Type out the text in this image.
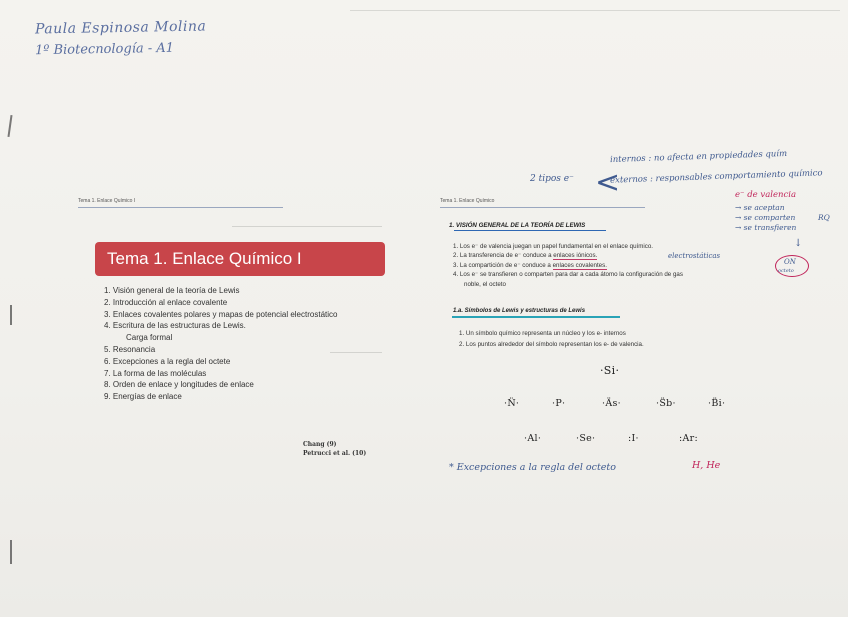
Paula Espinosa Molina
1º Biotecnología - A1
Tema 1. Enlace Químico I
Tema 1. Enlace Químico I
1. Visión general de la teoría de Lewis
2. Introducción al enlace covalente
3. Enlaces covalentes polares y mapas de potencial electrostático
4. Escritura de las estructuras de Lewis.
Carga formal
5. Resonancia
6. Excepciones a la regla del octete
7. La forma de las moléculas
8. Orden de enlace y longitudes de enlace
9. Energías de enlace
Chang (9)
Petrucci et al. (10)
Tema 1. Enlace Químico
1. VISIÓN GENERAL DE LA TEORÍA DE LEWIS
1. Los e⁻ de valencia juegan un papel fundamental en el enlace químico.
2. La transferencia de e⁻ conduce a enlaces iónicos.
3. La compartición de e⁻ conduce a enlaces covalentes.
4. Los e⁻ se transfieren o comparten para dar a cada átomo la configuración de gas
noble, el octeto
1.a. Símbolos de Lewis y estructuras de Lewis
1. Un símbolo químico representa un núcleo y los e- internos
2. Los puntos alrededor del símbolo representan los e- de valencia.
·Si·
·N̈·	·P·	·Äs·	·S̈b·	·B̈i·
·Al·	·Se·	:I·	:Ar:
internos : no afecta en propiedades quím
2 tipos e⁻ <
externos : responsables comportamiento químico
e⁻ de valencia
→ se aceptan
→ se comparten	RQ
→ se transfieren
electrostáticas
ON
octeto
↓
* Excepciones a la regla del octeto	H, He
